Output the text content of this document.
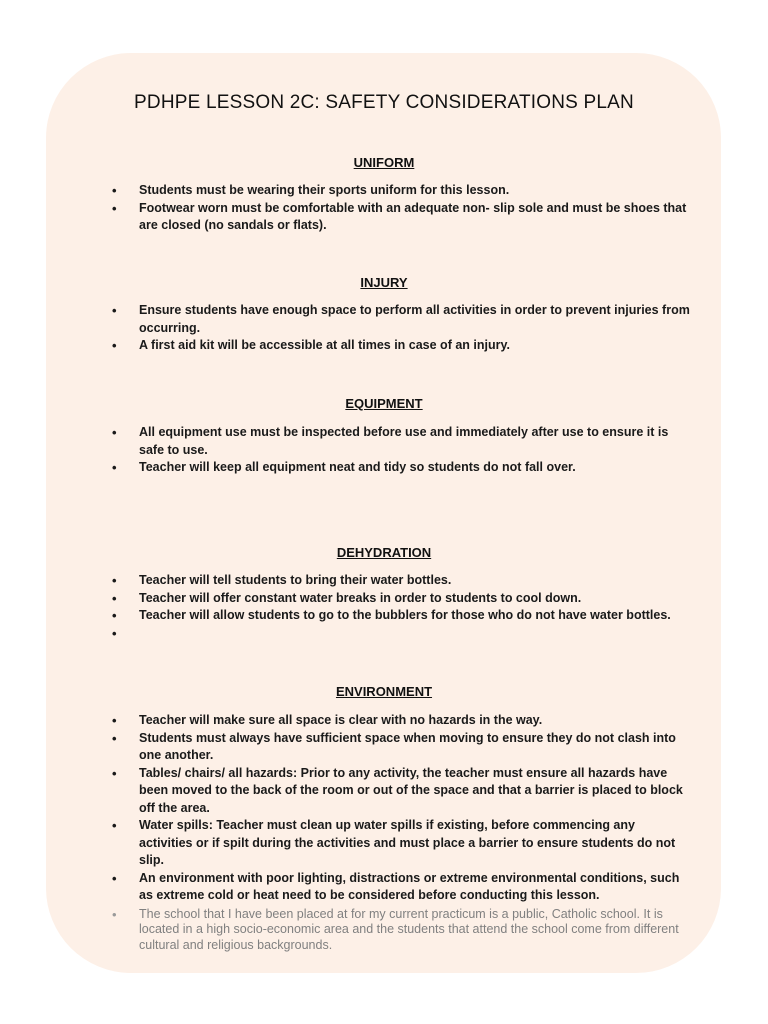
PDHPE LESSON 2C: SAFETY CONSIDERATIONS PLAN
UNIFORM
• Students must be wearing their sports uniform for this lesson.
• Footwear worn must be comfortable with an adequate non- slip sole and must be shoes that are closed (no sandals or flats).
INJURY
• Ensure students have enough space to perform all activities in order to prevent injuries from occurring.
• A first aid kit will be accessible at all times in case of an injury.
EQUIPMENT
• All equipment use must be inspected before use and immediately after use to ensure it is safe to use.
• Teacher will keep all equipment neat and tidy so students do not fall over.
DEHYDRATION
• Teacher will tell students to bring their water bottles.
• Teacher will offer constant water breaks in order to students to cool down.
• Teacher will allow students to go to the bubblers for those who do not have water bottles.
•
ENVIRONMENT
• Teacher will make sure all space is clear with no hazards in the way.
• Students must always have sufficient space when moving to ensure they do not clash into one another.
• Tables/ chairs/ all hazards: Prior to any activity, the teacher must ensure all hazards have been moved to the back of the room or out of the space and that a barrier is placed to block off the area.
• Water spills: Teacher must clean up water spills if existing, before commencing any activities or if spilt during the activities and must place a barrier to ensure students do not slip.
• An environment with poor lighting, distractions or extreme environmental conditions, such as extreme cold or heat need to be considered before conducting this lesson.
• The school that I have been placed at for my current practicum is a public, Catholic school. It is located in a high socio-economic area and the students that attend the school come from different cultural and religious backgrounds.
